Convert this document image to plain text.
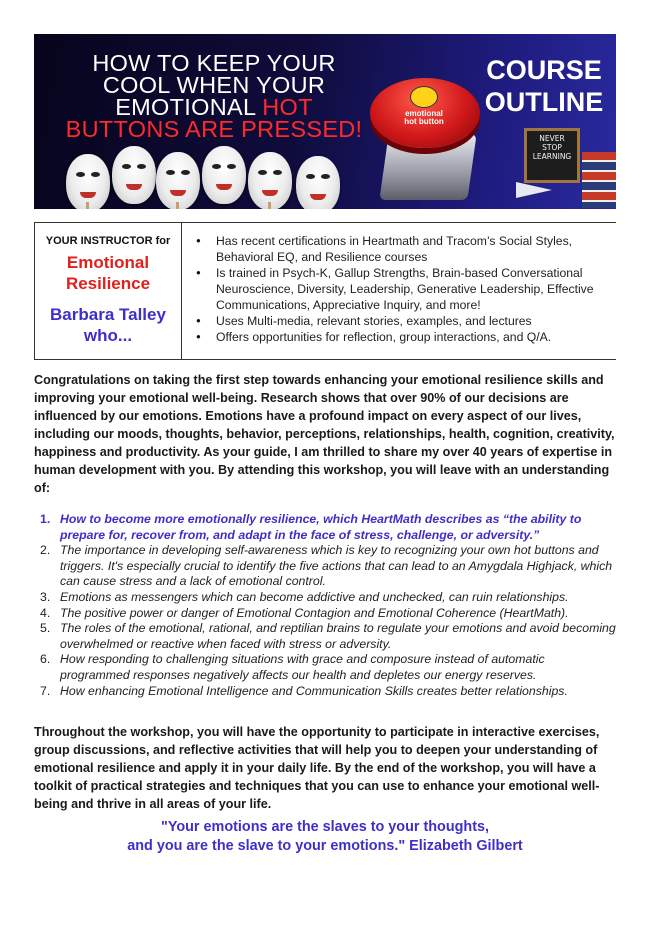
HOW TO KEEP YOUR
COOL WHEN YOUR
EMOTIONAL HOT
BUTTONS ARE PRESSED!
emotional
hot button
COURSE
OUTLINE
NEVER
STOP
LEARNING
YOUR INSTRUCTOR for
Emotional
Resilience
Barbara Talley
who...
● Has recent certifications in Heartmath and Tracom’s Social Styles, Behavioral EQ, and Resilience courses
● Is trained in Psych-K, Gallup Strengths, Brain-based Conversational Neuroscience, Diversity, Leadership, Generative Leadership, Effective Communications, Appreciative Inquiry, and more!
● Uses Multi-media, relevant stories, examples, and lectures
● Offers opportunities for reflection, group interactions, and Q/A.

Congratulations on taking the first step towards enhancing your emotional resilience skills and improving your emotional well-being. Research shows that over 90% of our decisions are influenced by our emotions. Emotions have a profound impact on every aspect of our lives, including our moods, thoughts, behavior, perceptions, relationships, health, cognition, creativity, happiness and productivity. As your guide, I am thrilled to share my over 40 years of expertise in human development with you. By attending this workshop, you will leave with an understanding of:

1. How to become more emotionally resilience, which HeartMath describes as “the ability to prepare for, recover from, and adapt in the face of stress, challenge, or adversity.”
2. The importance in developing self-awareness which is key to recognizing your own hot buttons and triggers. It's especially crucial to identify the five actions that can lead to an Amygdala Highjack, which can cause stress and a lack of emotional control.
3. Emotions as messengers which can become addictive and unchecked, can ruin relationships.
4. The positive power or danger of Emotional Contagion and Emotional Coherence (HeartMath).
5. The roles of the emotional, rational, and reptilian brains to regulate your emotions and avoid becoming overwhelmed or reactive when faced with stress or adversity.
6. How responding to challenging situations with grace and composure instead of automatic programmed responses negatively affects our health and depletes our energy reserves.
7. How enhancing Emotional Intelligence and Communication Skills creates better relationships.

Throughout the workshop, you will have the opportunity to participate in interactive exercises, group discussions, and reflective activities that will help you to deepen your understanding of emotional resilience and apply it in your daily life. By the end of the workshop, you will have a toolkit of practical strategies and techniques that you can use to enhance your emotional well-being and thrive in all areas of your life.

"Your emotions are the slaves to your thoughts,
and you are the slave to your emotions." Elizabeth Gilbert
